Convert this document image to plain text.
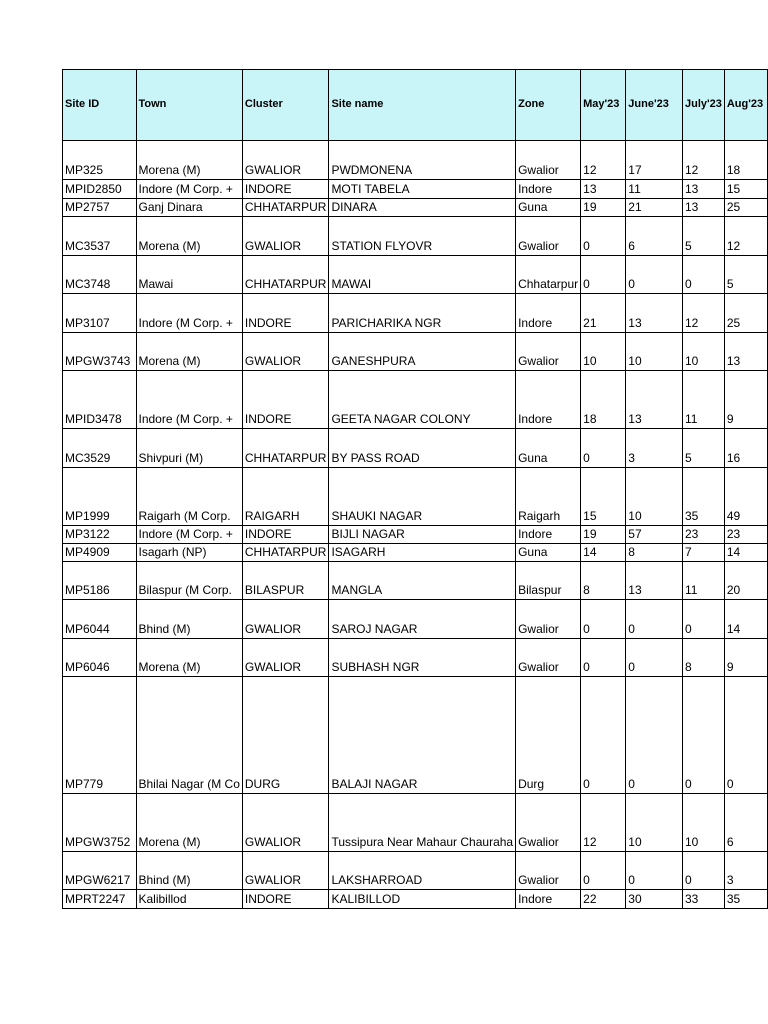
Site ID	Town	Cluster	Site name	Zone	May'23	June'23	July'23	Aug'23
MP325	Morena (M)	GWALIOR	PWDMONENA	Gwalior	12	17	12	18
MPID2850	Indore (M Corp. +	INDORE	MOTI TABELA	Indore	13	11	13	15
MP2757	Ganj Dinara	CHHATARPUR	DINARA	Guna	19	21	13	25
MC3537	Morena (M)	GWALIOR	STATION FLYOVR	Gwalior	0	6	5	12
MC3748	Mawai	CHHATARPUR	MAWAI	Chhatarpur	0	0	0	5
MP3107	Indore (M Corp. +	INDORE	PARICHARIKA NGR	Indore	21	13	12	25
MPGW3743	Morena (M)	GWALIOR	GANESHPURA	Gwalior	10	10	10	13
MPID3478	Indore (M Corp. +	INDORE	GEETA NAGAR COLONY	Indore	18	13	11	9
MC3529	Shivpuri (M)	CHHATARPUR	BY PASS ROAD	Guna	0	3	5	16
MP1999	Raigarh (M Corp.	RAIGARH	SHAUKI NAGAR	Raigarh	15	10	35	49
MP3122	Indore (M Corp. +	INDORE	BIJLI NAGAR	Indore	19	57	23	23
MP4909	Isagarh (NP)	CHHATARPUR	ISAGARH	Guna	14	8	7	14
MP5186	Bilaspur (M Corp.	BILASPUR	MANGLA	Bilaspur	8	13	11	20
MP6044	Bhind (M)	GWALIOR	SAROJ NAGAR	Gwalior	0	0	0	14
MP6046	Morena (M)	GWALIOR	SUBHASH NGR	Gwalior	0	0	8	9
MP779	Bhilai Nagar (M Co	DURG	BALAJI NAGAR	Durg	0	0	0	0
MPGW3752	Morena (M)	GWALIOR	Tussipura Near Mahaur Chauraha	Gwalior	12	10	10	6
MPGW6217	Bhind (M)	GWALIOR	LAKSHARROAD	Gwalior	0	0	0	3
MPRT2247	Kalibillod	INDORE	KALIBILLOD	Indore	22	30	33	35
